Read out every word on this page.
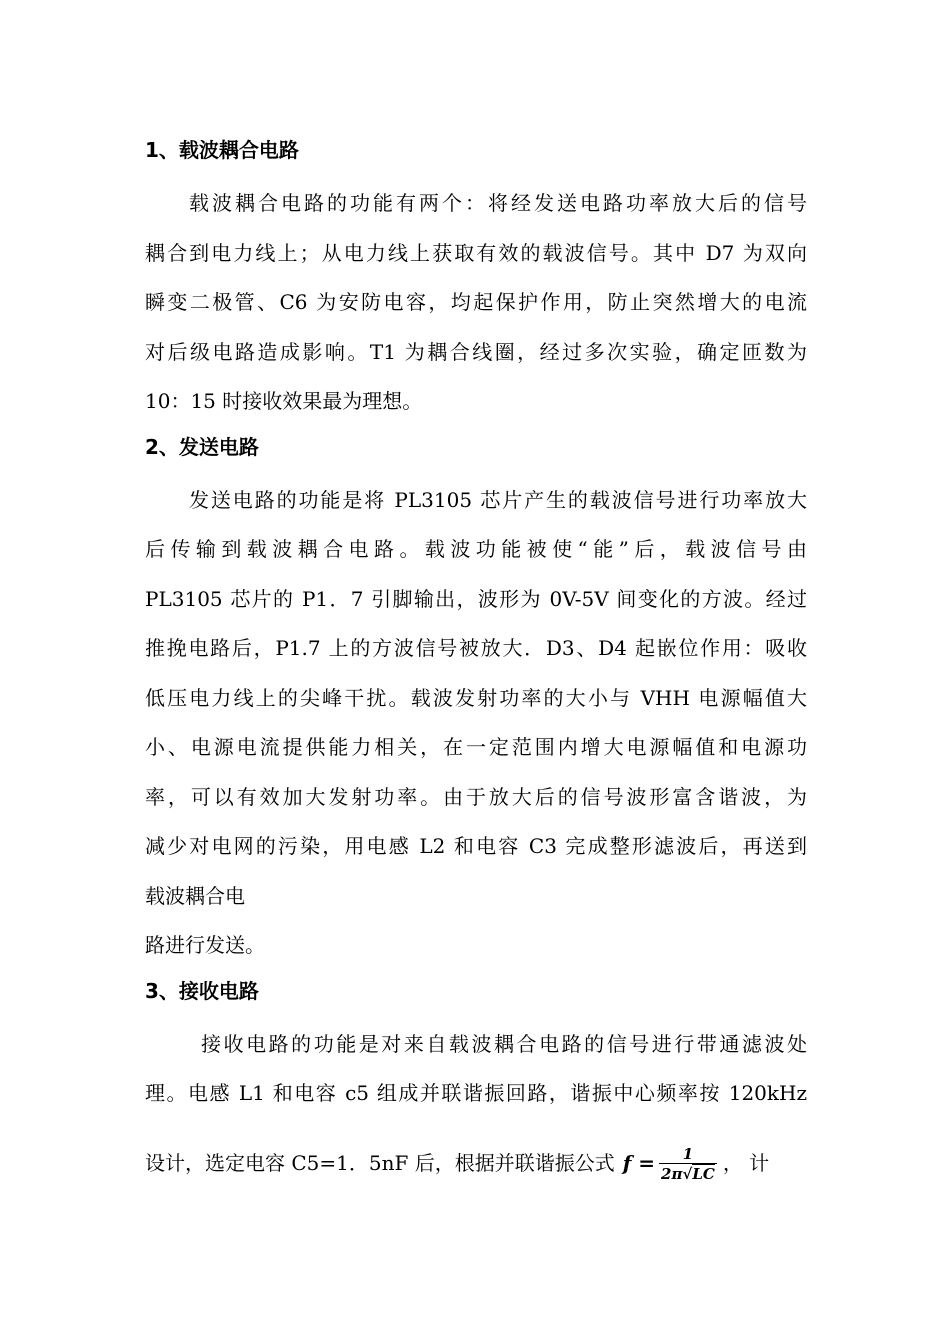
1、载波耦合电路
载波耦合电路的功能有两个：将经发送电路功率放大后的信号
耦合到电力线上；从电力线上获取有效的载波信号。其中 D7 为双向
瞬变二极管、C6 为安防电容，均起保护作用，防止突然增大的电流
对后级电路造成影响。T1 为耦合线圈，经过多次实验，确定匝数为
10：15 时接收效果最为理想。
2、发送电路
发送电路的功能是将 PL3105 芯片产生的载波信号进行功率放大
后传输到载波耦合电路。载波功能被使“能”后，载波信号由
PL3105 芯片的 P1．7 引脚输出，波形为 0V-5V 间变化的方波。经过
推挽电路后，P1.7 上的方波信号被放大．D3、D4 起嵌位作用：吸收
低压电力线上的尖峰干扰。载波发射功率的大小与 VHH 电源幅值大
小、电源电流提供能力相关，在一定范围内增大电源幅值和电源功
率，可以有效加大发射功率。由于放大后的信号波形富含谐波，为
减少对电网的污染，用电感 L2 和电容 C3 完成整形滤波后，再送到
载波耦合电
路进行发送。
3、接收电路
接收电路的功能是对来自载波耦合电路的信号进行带通滤波处
理。电感 L1 和电容 c5 组成并联谐振回路，谐振中心频率按 120kHz
设计，选定电容 C5=1．5nF 后，根据并联谐振公式 $f = \frac{1}{2\pi√LC}$ ， 计
